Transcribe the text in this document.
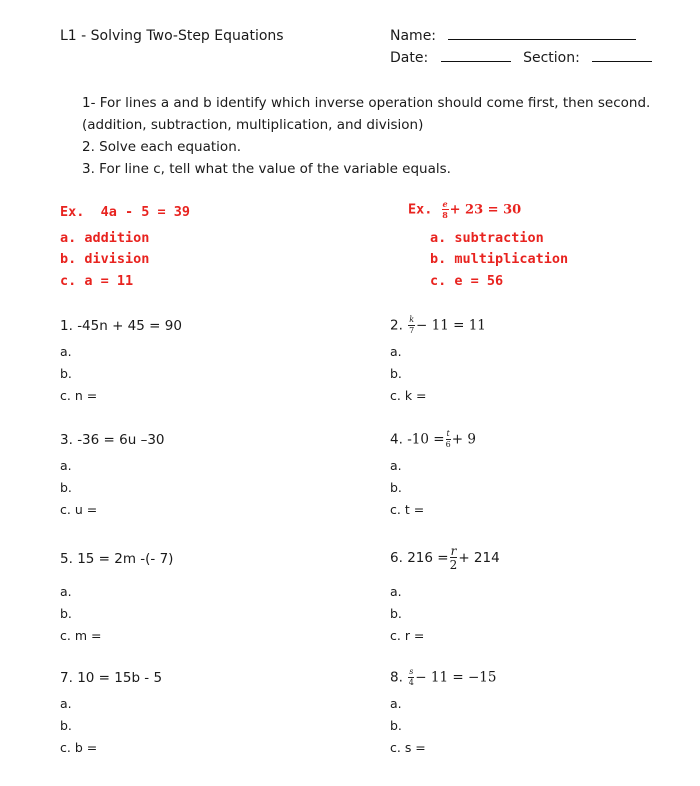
L1 - Solving Two-Step Equations	Name:
Date:	Section:
1- For lines a and b identify which inverse operation should come first, then second.
(addition, subtraction, multiplication, and division)
2. Solve each equation.
3. For line c, tell what the value of the variable equals.
Ex. 4a - 5 = 39
a. addition
b. division
c. a = 11
Ex. $\frac{e}{8} + 23 = 30$
a. subtraction
b. multiplication
c. e = 56
1. -45n + 45 = 90
a.
b.
c. n =
2. $\frac{k}{7} - 11 = 11$
a.
b.
c. k =
3. -36 = 6u –30
a.
b.
c. u =
4. $-10 = \frac{t}{6} + 9$
a.
b.
c. t =
5. 15 = 2m -(- 7)
a.
b.
c. m =
6. $216 = \frac{r}{2} + 214$
a.
b.
c. r =
7. 10 = 15b - 5
a.
b.
c. b =
8. $\frac{s}{4} - 11 = -15$
a.
b.
c. s =
